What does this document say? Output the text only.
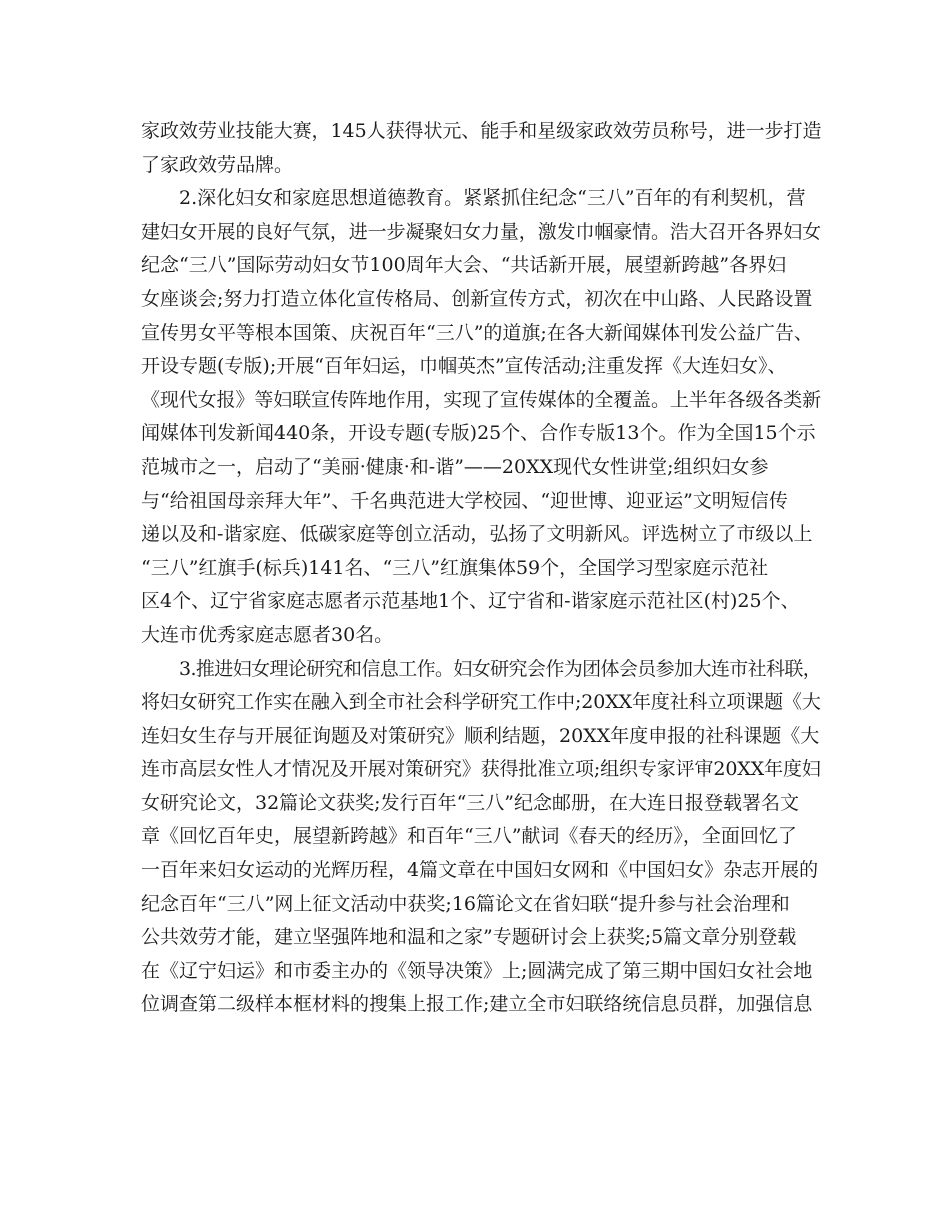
家政效劳业技能大赛，145人获得状元、能手和星级家政效劳员称号，进一步打造
了家政效劳品牌。
2.深化妇女和家庭思想道德教育。紧紧抓住纪念“三八”百年的有利契机，营
建妇女开展的良好气氛，进一步凝聚妇女力量，激发巾帼豪情。浩大召开各界妇女
纪念“三八”国际劳动妇女节100周年大会、“共话新开展，展望新跨越”各界妇
女座谈会;努力打造立体化宣传格局、创新宣传方式，初次在中山路、人民路设置
宣传男女平等根本国策、庆祝百年“三八”的道旗;在各大新闻媒体刊发公益广告、
开设专题(专版);开展“百年妇运，巾帼英杰”宣传活动;注重发挥《大连妇女》、
《现代女报》等妇联宣传阵地作用，实现了宣传媒体的全覆盖。上半年各级各类新
闻媒体刊发新闻440条，开设专题(专版)25个、合作专版13个。作为全国15个示
范城市之一，启动了“美丽·健康·和-谐”——20XX现代女性讲堂;组织妇女参
与“给祖国母亲拜大年”、千名典范进大学校园、“迎世博、迎亚运”文明短信传
递以及和-谐家庭、低碳家庭等创立活动，弘扬了文明新风。评选树立了市级以上
“三八”红旗手(标兵)141名、“三八”红旗集体59个，全国学习型家庭示范社
区4个、辽宁省家庭志愿者示范基地1个、辽宁省和-谐家庭示范社区(村)25个、
大连市优秀家庭志愿者30名。
3.推进妇女理论研究和信息工作。妇女研究会作为团体会员参加大连市社科联，
将妇女研究工作实在融入到全市社会科学研究工作中;20XX年度社科立项课题《大
连妇女生存与开展征询题及对策研究》顺利结题，20XX年度申报的社科课题《大
连市高层女性人才情况及开展对策研究》获得批准立项;组织专家评审20XX年度妇
女研究论文，32篇论文获奖;发行百年“三八”纪念邮册，在大连日报登载署名文
章《回忆百年史，展望新跨越》和百年“三八”献词《春天的经历》，全面回忆了
一百年来妇女运动的光辉历程，4篇文章在中国妇女网和《中国妇女》杂志开展的
纪念百年“三八”网上征文活动中获奖;16篇论文在省妇联“提升参与社会治理和
公共效劳才能，建立坚强阵地和温和之家”专题研讨会上获奖;5篇文章分别登载
在《辽宁妇运》和市委主办的《领导决策》上;圆满完成了第三期中国妇女社会地
位调查第二级样本框材料的搜集上报工作;建立全市妇联络统信息员群，加强信息
